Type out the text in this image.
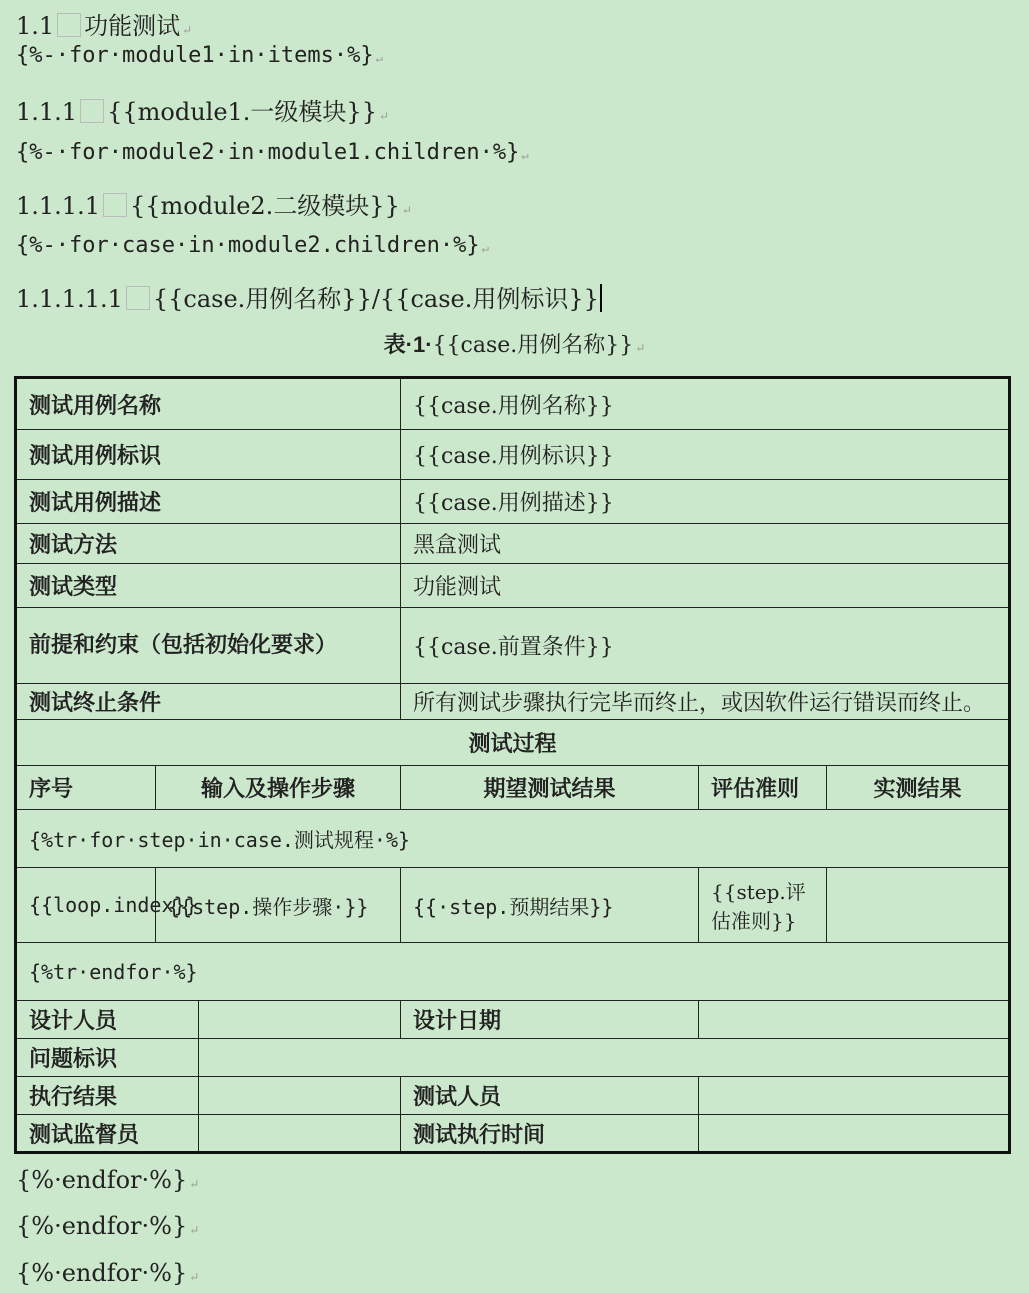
1.1 功能测试 ↵
{%-·for·module1·in·items·%} ↵
1.1.1 {{module1.一级模块}} ↵
{%-·for·module2·in·module1.children·%} ↵
1.1.1.1 {{module2.二级模块}} ↵
{%-·for·case·in·module2.children·%} ↵
1.1.1.1.1 {{case.用例名称}}/{{case.用例标识}}
表·1·{{case.用例名称}} ↵
测试用例名称			{{case.用例名称}}		
测试用例标识			{{case.用例标识}}		
测试用例描述			{{case.用例描述}}		
测试方法			黑盒测试		
测试类型			功能测试		
前提和约束（包括初始化要求）			{{case.前置条件}}		
测试终止条件			所有测试步骤执行完毕而终止，或因软件运行错误而终止。		
测试过程					
序号	输入及操作步骤		期望测试结果	评估准则	实测结果
{%tr·for·step·in·case.测试规程·%}					
{{loop.index}}	{{step.操作步骤·}}		{{·step.预期结果}}	{{step.评估准则}}	
{%tr·endfor·%}					
设计人员			设计日期		
问题标识					
执行结果			测试人员		
测试监督员			测试执行时间		
{%·endfor·%} ↵
{%·endfor·%} ↵
{%·endfor·%} ↵
